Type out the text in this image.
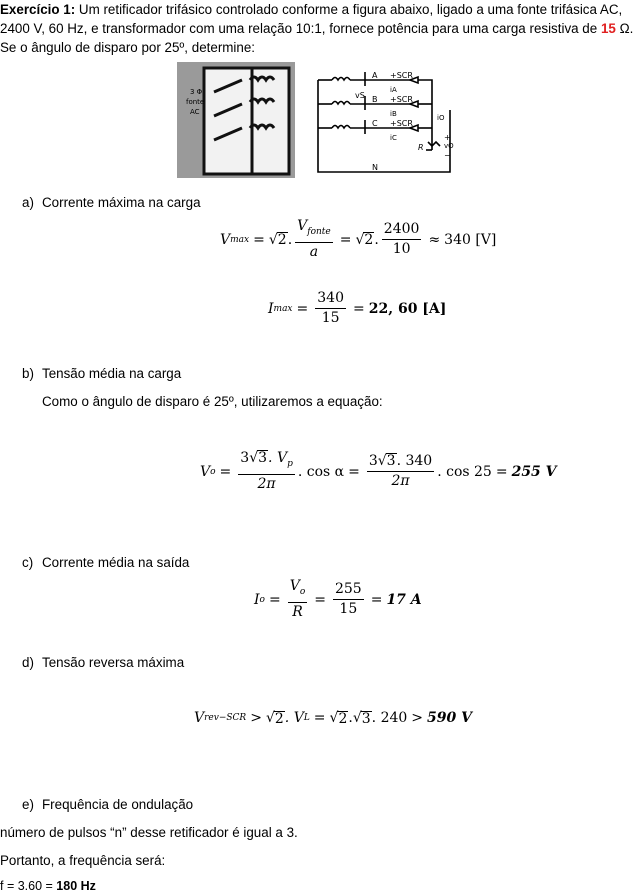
Exercício 1: Um retificador trifásico controlado conforme a figura abaixo, ligado a uma fonte trifásica AC, 2400 V, 60 Hz, e transformador com uma relação 10:1, fornece potência para uma carga resistiva de 15 Ω. Se o ângulo de disparo por 25º, determine:
3 Φ
fonte
AC
A +SCR
iA
vS B +SCR
iB
C +SCR
iC
iO
R
+
vO
−
N
a) Corrente máxima na carga
V max = √ 2 . $\frac{V_{fonte}}{a}$ = √ 2 . $\frac{2400}{10} \approx 340$ [V]
I $\max = \frac{340}{15} = 22$, 60 [A]
b) Tensão média na carga
Como o ângulo de disparo é 25º, utilizaremos a equação:
V $o = \frac{3√3. V_p}{2\pi}$ . $\cos \alpha = \frac{3√3. 340}{2\pi}$ . cos 25 = 255 V
c) Corrente média na saída
I $o = \frac{V_o}{R} = \frac{255}{15} = 17$ A
d) Tensão reversa máxima
V rev−SCR > √ 2 . V L = √ 2 . √ 3 . 240 > 590 V
e) Frequência de ondulação
número de pulsos “n” desse retificador é igual a 3.
Portanto, a frequência será:
f = 3.60 = 180 Hz
